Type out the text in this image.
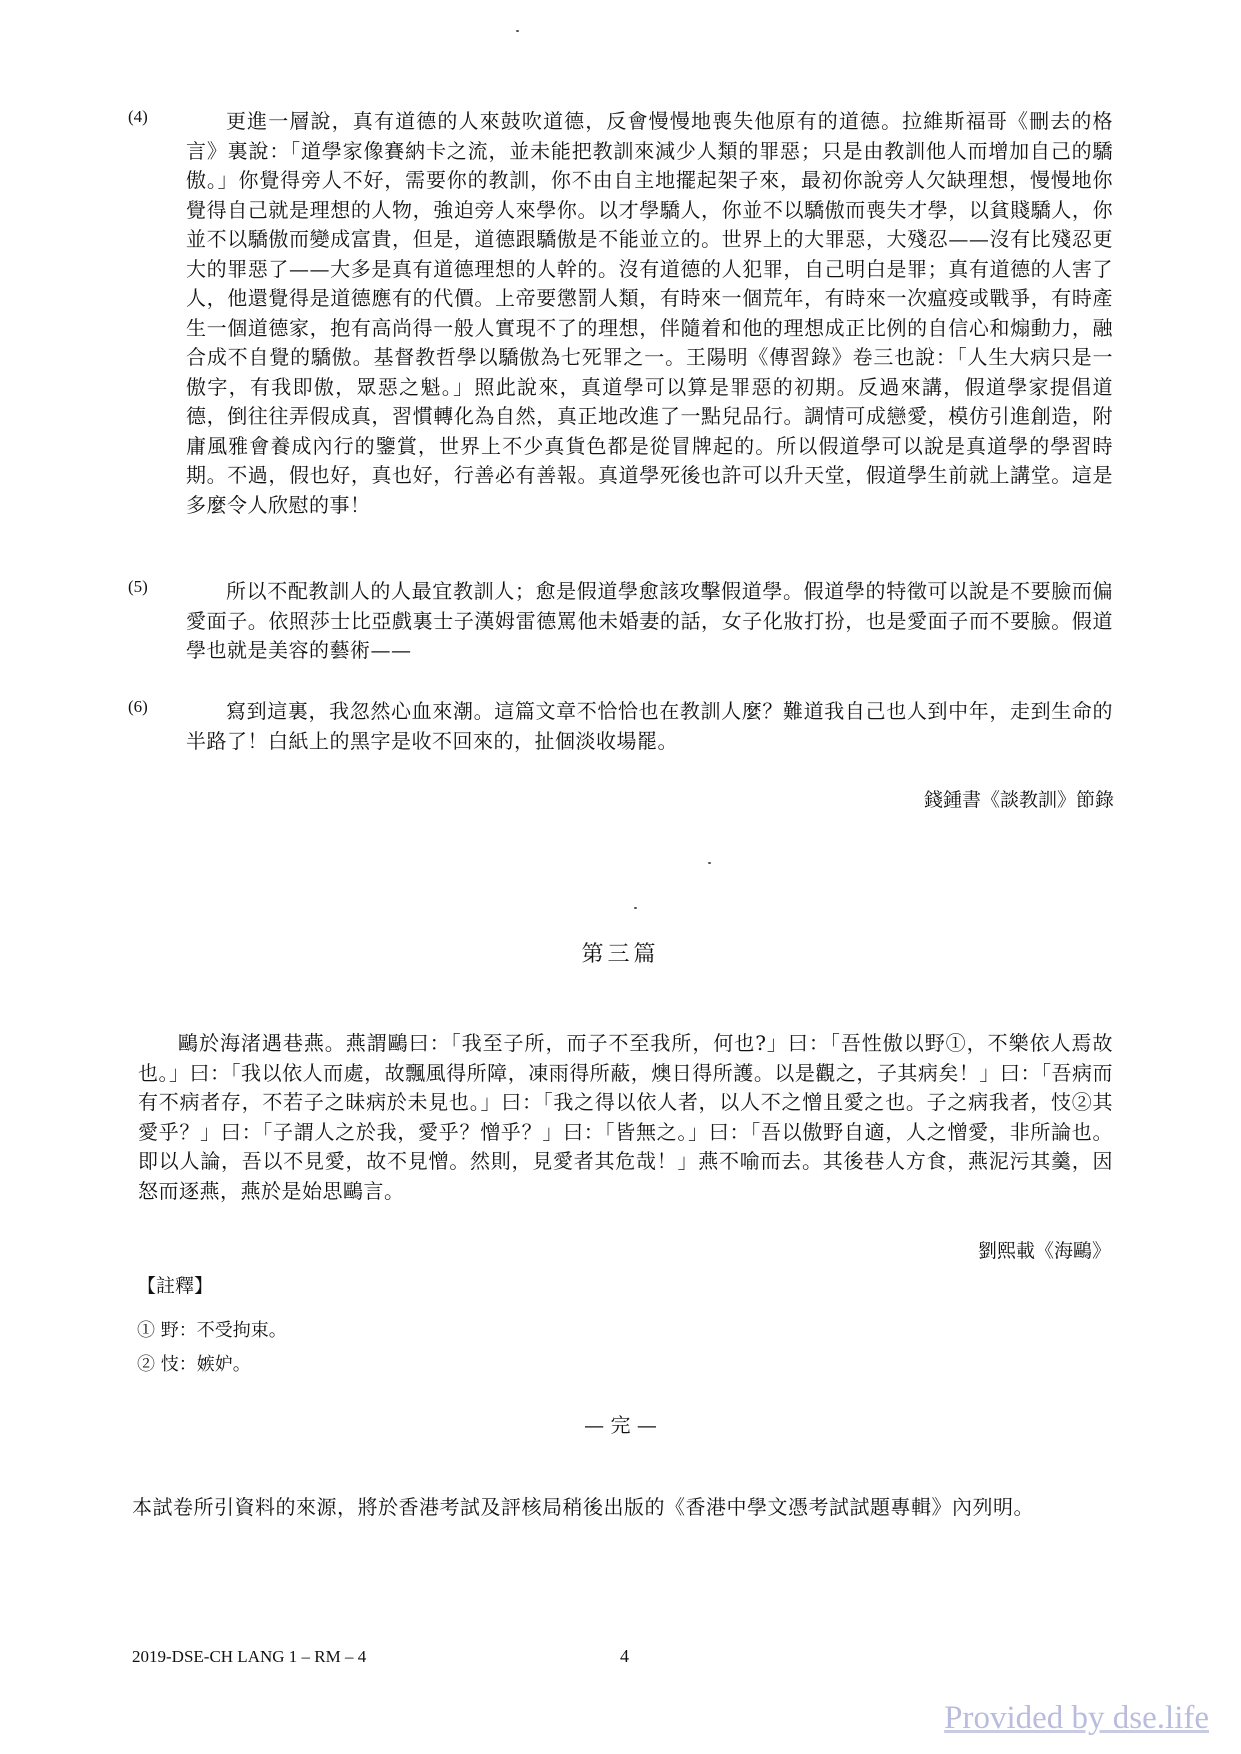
(4)	更進一層說，真有道德的人來鼓吹道德，反會慢慢地喪失他原有的道德。拉維斯福哥《刪去的格言》裏說：「道學家像賽納卡之流，並未能把教訓來減少人類的罪惡；只是由教訓他人而增加自己的驕傲。」你覺得旁人不好，需要你的教訓，你不由自主地擺起架子來，最初你說旁人欠缺理想，慢慢地你覺得自己就是理想的人物，強迫旁人來學你。以才學驕人，你並不以驕傲而喪失才學，以貧賤驕人，你並不以驕傲而變成富貴，但是，道德跟驕傲是不能並立的。世界上的大罪惡，大殘忍——沒有比殘忍更大的罪惡了——大多是真有道德理想的人幹的。沒有道德的人犯罪，自己明白是罪；真有道德的人害了人，他還覺得是道德應有的代價。上帝要懲罰人類，有時來一個荒年，有時來一次瘟疫或戰爭，有時產生一個道德家，抱有高尚得一般人實現不了的理想，伴隨着和他的理想成正比例的自信心和煽動力，融合成不自覺的驕傲。基督教哲學以驕傲為七死罪之一。王陽明《傳習錄》卷三也說：「人生大病只是一傲字，有我即傲，眾惡之魁。」照此說來，真道學可以算是罪惡的初期。反過來講，假道學家提倡道德，倒往往弄假成真，習慣轉化為自然，真正地改進了一點兒品行。調情可成戀愛，模仿引進創造，附庸風雅會養成內行的鑒賞，世界上不少真貨色都是從冒牌起的。所以假道學可以說是真道學的學習時期。不過，假也好，真也好，行善必有善報。真道學死後也許可以升天堂，假道學生前就上講堂。這是多麼令人欣慰的事！

(5)	所以不配教訓人的人最宜教訓人；愈是假道學愈該攻擊假道學。假道學的特徵可以說是不要臉而偏愛面子。依照莎士比亞戲裏士子漢姆雷德罵他未婚妻的話，女子化妝打扮，也是愛面子而不要臉。假道學也就是美容的藝術——

(6)	寫到這裏，我忽然心血來潮。這篇文章不恰恰也在教訓人麼？難道我自己也人到中年，走到生命的半路了！白紙上的黑字是收不回來的，扯個淡收場罷。

錢鍾書《談教訓》節錄
第三篇

鷗於海渚遇巷燕。燕謂鷗曰：「我至子所，而子不至我所，何也?」曰：「吾性傲以野①，不樂依人焉故也。」曰：「我以依人而處，故飄風得所障，凍雨得所蔽，燠日得所護。以是觀之，子其病矣！」曰：「吾病而有不病者存，不若子之昧病於未見也。」曰：「我之得以依人者，以人不之憎且愛之也。子之病我者，忮②其愛乎？」曰：「子謂人之於我，愛乎？憎乎？」曰：「皆無之。」曰：「吾以傲野自適，人之憎愛，非所論也。即以人論，吾以不見愛，故不見憎。然則，見愛者其危哉！」燕不喻而去。其後巷人方食，燕泥污其羹，因怒而逐燕，燕於是始思鷗言。

劉熙載《海鷗》
【註釋】
① 野：不受拘束。
② 忮：嫉妒。
— 完 —
本試卷所引資料的來源，將於香港考試及評核局稍後出版的《香港中學文憑考試試題專輯》內列明。
2019-DSE-CH LANG 1 – RM – 4	4
Provided by dse.life
